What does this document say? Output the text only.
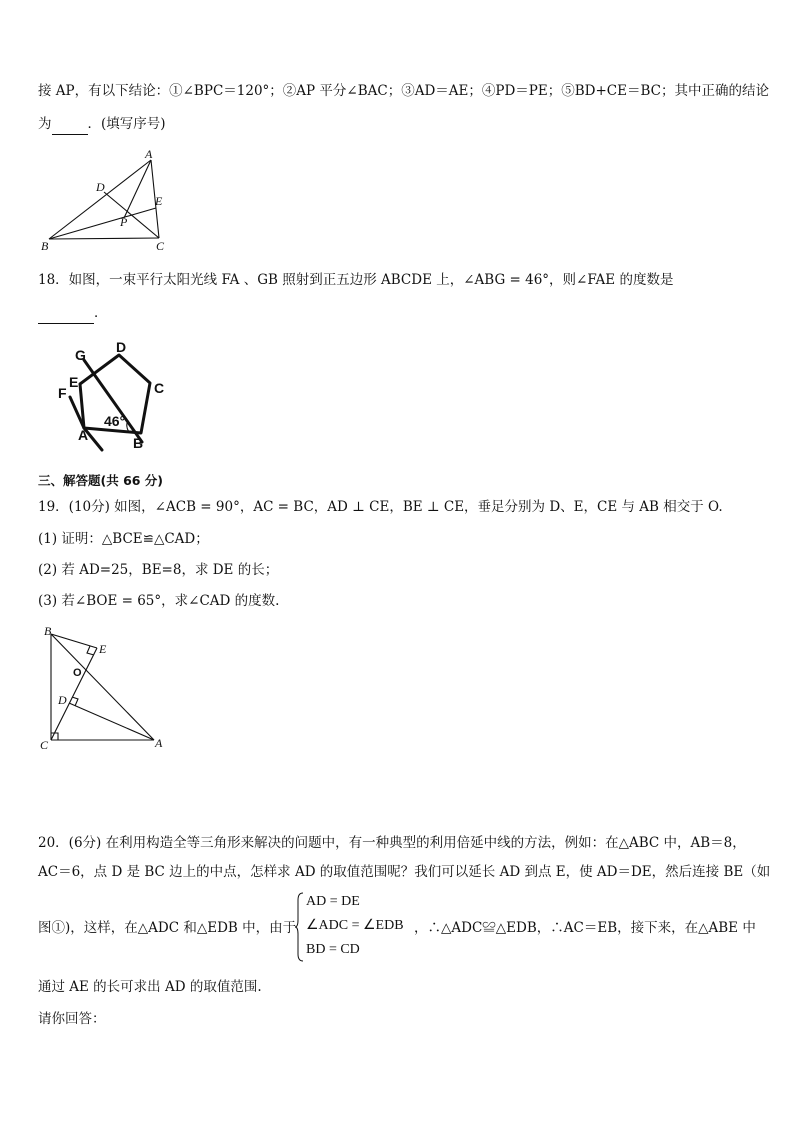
接 AP，有以下结论：①∠BPC＝120°；②AP 平分∠BAC；③AD＝AE；④PD＝PE；⑤BD+CE＝BC；其中正确的结论
为	．(填写序号)
A
D
E
P
B	C
18．如图，一束平行太阳光线 FA 、GB 照射到正五边形 ABCDE 上，∠ABG = 46°，则∠FAE 的度数是
．
G D
E	C
F
A	B
46°
三、解答题(共 66 分)
19．(10分) 如图，∠ACB = 90°，AC = BC，AD ⊥ CE，BE ⊥ CE，垂足分别为 D、E，CE 与 AB 相交于 O.
(1) 证明：△BCE≌△CAD；
(2) 若 AD=25，BE=8，求 DE 的长；
(3) 若∠BOE = 65°，求∠CAD 的度数.
B
E
O
D
C	A
20．(6分) 在利用构造全等三角形来解决的问题中，有一种典型的利用倍延中线的方法，例如：在△ABC 中，AB＝8，
AC＝6，点 D 是 BC 边上的中点，怎样求 AD 的取值范围呢？我们可以延长 AD 到点 E，使 AD＝DE，然后连接 BE（如
图①)，这样，在△ADC 和△EDB 中，由于
AD = DE
∠ADC = ∠EDB
BD = CD
，∴△ADC≌△EDB，∴AC＝EB，接下来，在△ABE 中
通过 AE 的长可求出 AD 的取值范围.
请你回答：
